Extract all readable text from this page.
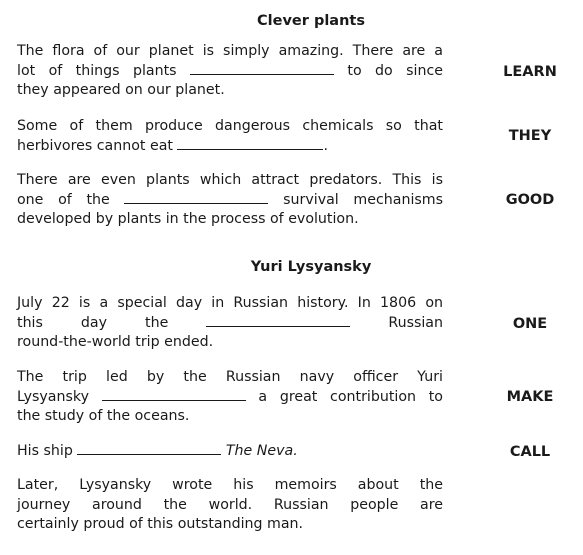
Clever plants
The flora of our planet is simply amazing. There are a
lot of things plants	to do since
they appeared on our planet.
LEARN
Some of them produce dangerous chemicals so that
herbivores cannot eat	.
THEY
There are even plants which attract predators. This is
one of the	survival mechanisms
developed by plants in the process of evolution.
GOOD
Yuri Lysyansky
July 22 is a special day in Russian history. In 1806 on
this	day	the	Russian
round-the-world trip ended.
ONE
The trip led by the Russian navy officer Yuri
Lysyansky	a great contribution to
the study of the oceans.
MAKE
His ship	The Neva.	CALL
Later, Lysyansky wrote his memoirs about the
journey around the world. Russian people are
certainly proud of this outstanding man.
